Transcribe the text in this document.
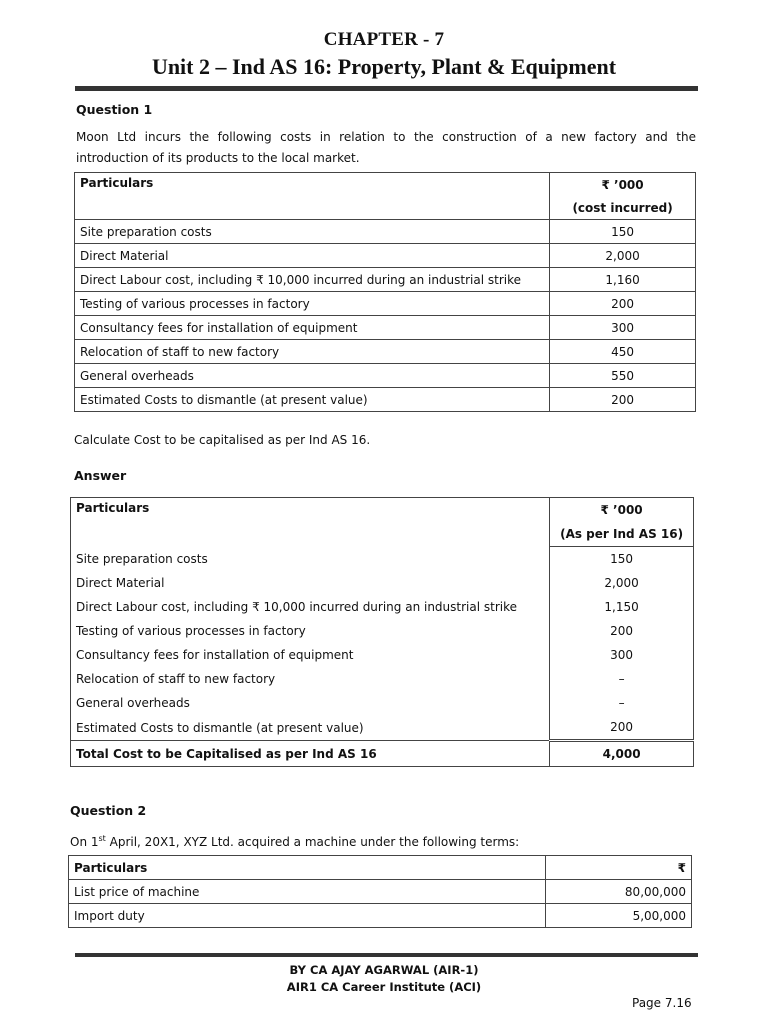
CHAPTER - 7
Unit 2 – Ind AS 16: Property, Plant & Equipment
Question 1
Moon Ltd incurs the following costs in relation to the construction of a new factory and the introduction of its products to the local market.
Particulars	₹ ’000
	(cost incurred)
Site preparation costs	150
Direct Material	2,000
Direct Labour cost, including ₹ 10,000 incurred during an industrial strike	1,160
Testing of various processes in factory	200
Consultancy fees for installation of equipment	300
Relocation of staff to new factory	450
General overheads	550
Estimated Costs to dismantle (at present value)	200
Calculate Cost to be capitalised as per Ind AS 16.
Answer
Particulars	₹ ’000
	(As per Ind AS 16)
Site preparation costs	150
Direct Material	2,000
Direct Labour cost, including ₹ 10,000 incurred during an industrial strike	1,150
Testing of various processes in factory	200
Consultancy fees for installation of equipment	300
Relocation of staff to new factory	–
General overheads	–
Estimated Costs to dismantle (at present value)	200
Total Cost to be Capitalised as per Ind AS 16	4,000
Question 2
On 1st April, 20X1, XYZ Ltd. acquired a machine under the following terms:
Particulars	₹
List price of machine	80,00,000
Import duty	5,00,000
BY CA AJAY AGARWAL (AIR-1)
AIR1 CA Career Institute (ACI)
Page 7.16
